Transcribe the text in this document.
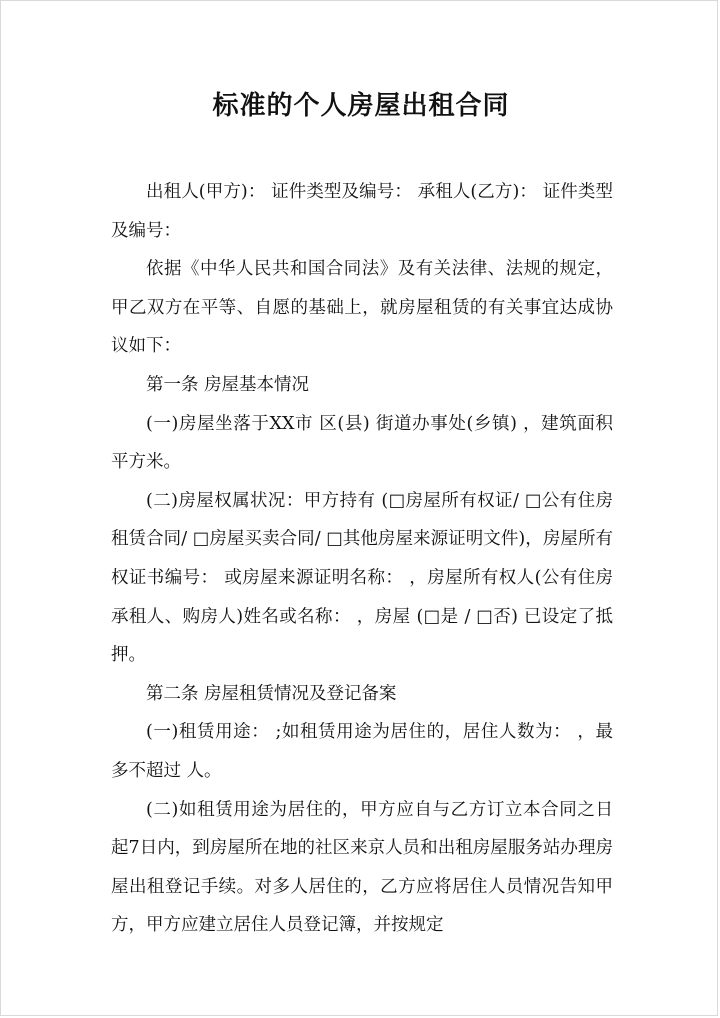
标准的个人房屋出租合同

出租人(甲方)： 证件类型及编号： 承租人(乙方)： 证件类型及编号：

依据《中华人民共和国合同法》及有关法律、法规的规定，甲乙双方在平等、自愿的基础上，就房屋租赁的有关事宜达成协议如下：

第一条 房屋基本情况

(一)房屋坐落于XX市 区(县) 街道办事处(乡镇) ，建筑面积 平方米。

(二)房屋权属状况：甲方持有 (□房屋所有权证/ □公有住房租赁合同/ □房屋买卖合同/ □其他房屋来源证明文件)，房屋所有权证书编号： 或房屋来源证明名称： ，房屋所有权人(公有住房承租人、购房人)姓名或名称： ，房屋 (□是 / □否) 已设定了抵押。

第二条 房屋租赁情况及登记备案

(一)租赁用途： ;如租赁用途为居住的，居住人数为： ，最多不超过 人。

(二)如租赁用途为居住的，甲方应自与乙方订立本合同之日起7日内，到房屋所在地的社区来京人员和出租房屋服务站办理房屋出租登记手续。对多人居住的，乙方应将居住人员情况告知甲方，甲方应建立居住人员登记簿，并按规定
